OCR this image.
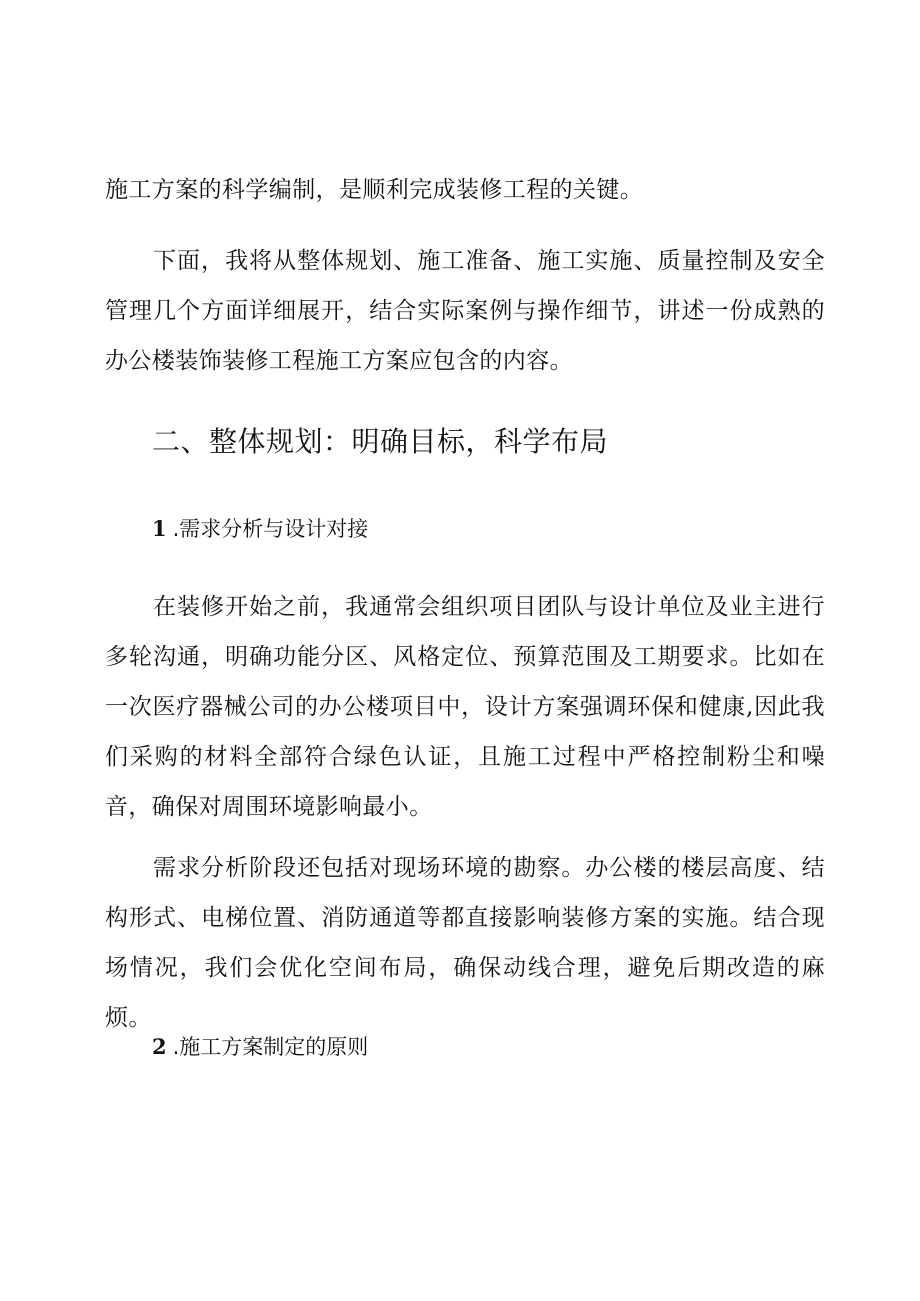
施工方案的科学编制，是顺利完成装修工程的关键。

下面，我将从整体规划、施工准备、施工实施、质量控制及安全管理几个方面详细展开，结合实际案例与操作细节，讲述一份成熟的办公楼装饰装修工程施工方案应包含的内容。

二、整体规划：明确目标，科学布局
1 .需求分析与设计对接

在装修开始之前，我通常会组织项目团队与设计单位及业主进行多轮沟通，明确功能分区、风格定位、预算范围及工期要求。比如在一次医疗器械公司的办公楼项目中，设计方案强调环保和健康,因此我们采购的材料全部符合绿色认证，且施工过程中严格控制粉尘和噪音，确保对周围环境影响最小。

需求分析阶段还包括对现场环境的勘察。办公楼的楼层高度、结构形式、电梯位置、消防通道等都直接影响装修方案的实施。结合现场情况，我们会优化空间布局，确保动线合理，避免后期改造的麻烦。

2 .施工方案制定的原则
